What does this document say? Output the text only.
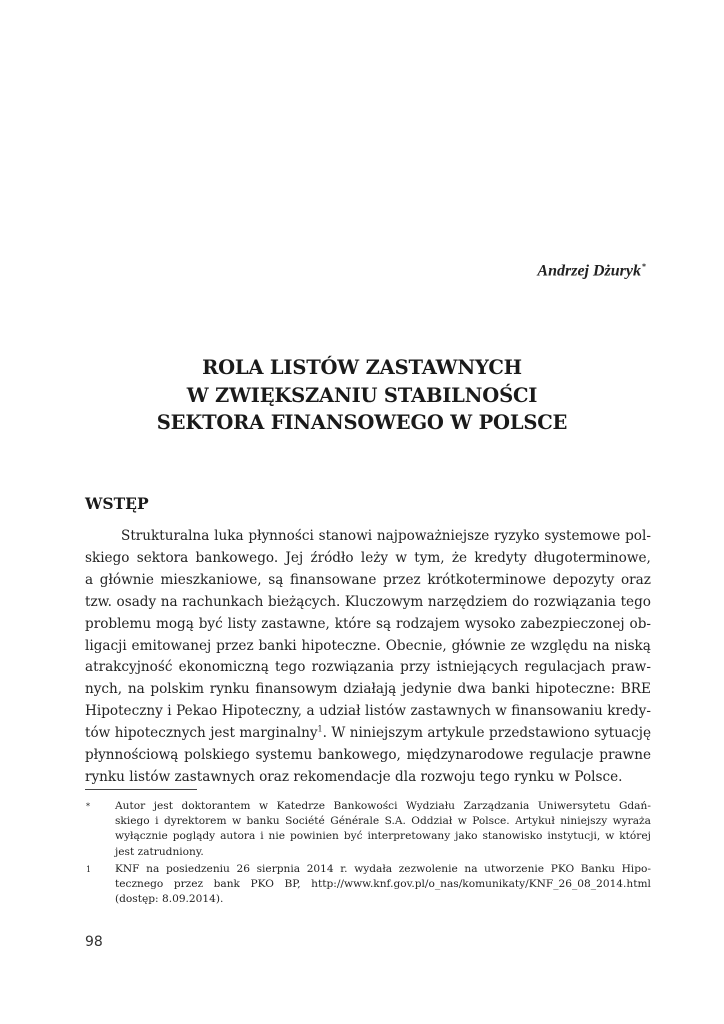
Andrzej Dżuryk*
ROLA LISTÓW ZASTAWNYCH
W ZWIĘKSZANIU STABILNOŚCI
SEKTORA FINANSOWEGO W POLSCE
WSTĘP
Strukturalna luka płynności stanowi najpoważniejsze ryzyko systemowe pol-
skiego sektora bankowego. Jej źródło leży w tym, że kredyty długoterminowe,
a głównie mieszkaniowe, są finansowane przez krótkoterminowe depozyty oraz
tzw. osady na rachunkach bieżących. Kluczowym narzędziem do rozwiązania tego
problemu mogą być listy zastawne, które są rodzajem wysoko zabezpieczonej ob-
ligacji emitowanej przez banki hipoteczne. Obecnie, głównie ze względu na niską
atrakcyjność ekonomiczną tego rozwiązania przy istniejących regulacjach praw-
nych, na polskim rynku finansowym działają jedynie dwa banki hipoteczne: BRE
Hipoteczny i Pekao Hipoteczny, a udział listów zastawnych w finansowaniu kredy-
tów hipotecznych jest marginalny$^1$. W niniejszym artykule przedstawiono sytuację
płynnościową polskiego systemu bankowego, międzynarodowe regulacje prawne
rynku listów zastawnych oraz rekomendacje dla rozwoju tego rynku w Polsce.
* Autor jest doktorantem w Katedrze Bankowości Wydziału Zarządzania Uniwersytetu Gdań-
skiego i dyrektorem w banku Société Générale S.A. Oddział w Polsce. Artykuł niniejszy wyraża
wyłącznie poglądy autora i nie powinien być interpretowany jako stanowisko instytucji, w której
jest zatrudniony.
1 KNF na posiedzeniu 26 sierpnia 2014 r. wydała zezwolenie na utworzenie PKO Banku Hipo-
tecznego przez bank PKO BP, http://www.knf.gov.pl/o_nas/komunikaty/KNF_26_08_2014.html
(dostęp: 8.09.2014).
98
